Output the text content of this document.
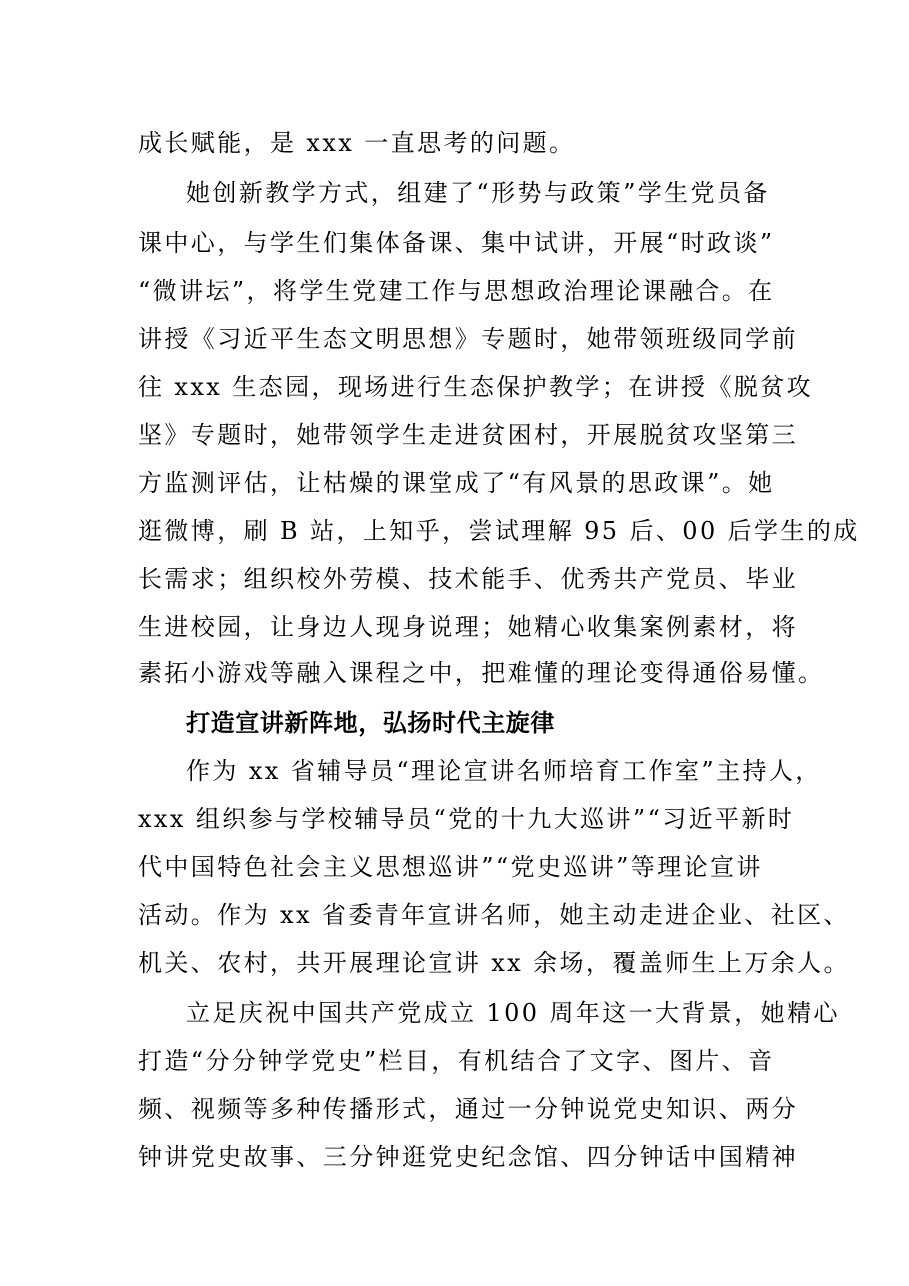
成长赋能，是 xxx 一直思考的问题。
她创新教学方式，组建了“形势与政策”学生党员备
课中心，与学生们集体备课、集中试讲，开展“时政谈”
“微讲坛”，将学生党建工作与思想政治理论课融合。在
讲授《习近平生态文明思想》专题时，她带领班级同学前
往 xxx 生态园，现场进行生态保护教学；在讲授《脱贫攻
坚》专题时，她带领学生走进贫困村，开展脱贫攻坚第三
方监测评估，让枯燥的课堂成了“有风景的思政课”。她
逛微博，刷 B 站，上知乎，尝试理解 95 后、00 后学生的成
长需求；组织校外劳模、技术能手、优秀共产党员、毕业
生进校园，让身边人现身说理；她精心收集案例素材，将
素拓小游戏等融入课程之中，把难懂的理论变得通俗易懂。
打造宣讲新阵地，弘扬时代主旋律
作为 xx 省辅导员“理论宣讲名师培育工作室”主持人，
xxx 组织参与学校辅导员“党的十九大巡讲”“习近平新时
代中国特色社会主义思想巡讲”“党史巡讲”等理论宣讲
活动。作为 xx 省委青年宣讲名师，她主动走进企业、社区、
机关、农村，共开展理论宣讲 xx 余场，覆盖师生上万余人。
立足庆祝中国共产党成立 100 周年这一大背景，她精心
打造“分分钟学党史”栏目，有机结合了文字、图片、音
频、视频等多种传播形式，通过一分钟说党史知识、两分
钟讲党史故事、三分钟逛党史纪念馆、四分钟话中国精神
